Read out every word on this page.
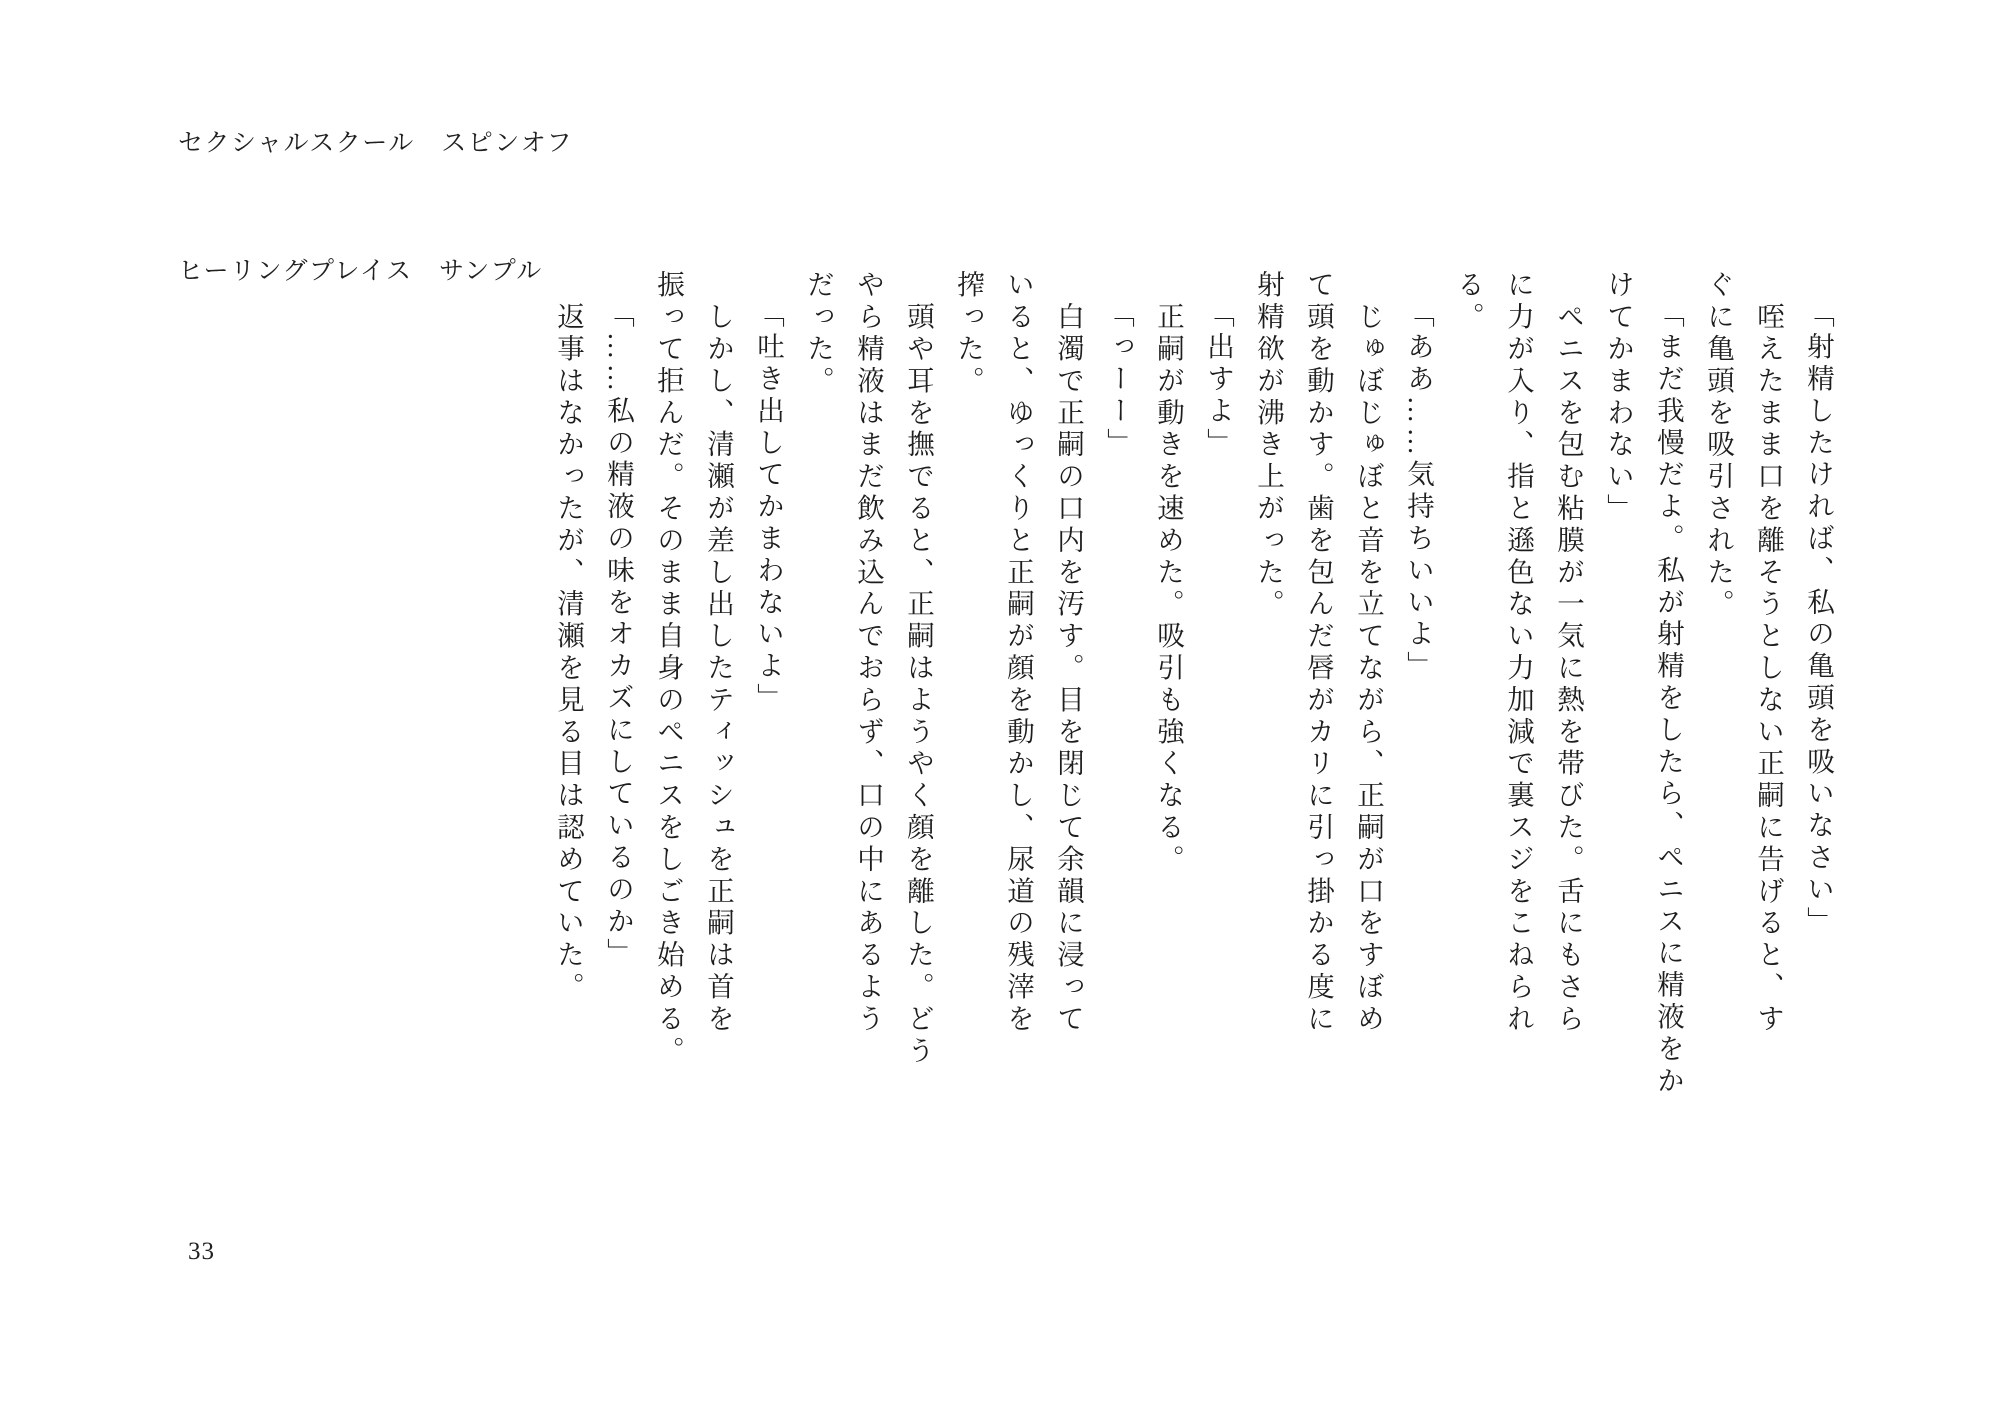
セクシャルスクール　スピンオフ

ヒーリングプレイス　サンプル

「射精したければ、私の亀頭を吸いなさい」
　咥えたまま口を離そうとしない正嗣に告げると、す
ぐに亀頭を吸引された。
「まだ我慢だよ。私が射精をしたら、ペニスに精液をか
けてかまわない」
　ペニスを包む粘膜が一気に熱を帯びた。舌にもさら
に力が入り、指と遜色ない力加減で裏スジをこねられ
る。
「ああ……気持ちいいよ」
　じゅぼじゅぼと音を立てながら、正嗣が口をすぼめ
て頭を動かす。歯を包んだ唇がカリに引っ掛かる度に
射精欲が沸き上がった。
「出すよ」
　正嗣が動きを速めた。吸引も強くなる。
「っーー」
　白濁で正嗣の口内を汚す。目を閉じて余韻に浸って
いると、ゆっくりと正嗣が顔を動かし、尿道の残滓を
搾った。
　頭や耳を撫でると、正嗣はようやく顔を離した。どう
やら精液はまだ飲み込んでおらず、口の中にあるよう
だった。
「吐き出してかまわないよ」
　しかし、清瀬が差し出したティッシュを正嗣は首を
振って拒んだ。そのまま自身のペニスをしごき始める。
「……私の精液の味をオカズにしているのか」
　返事はなかったが、清瀬を見る目は認めていた。
33
